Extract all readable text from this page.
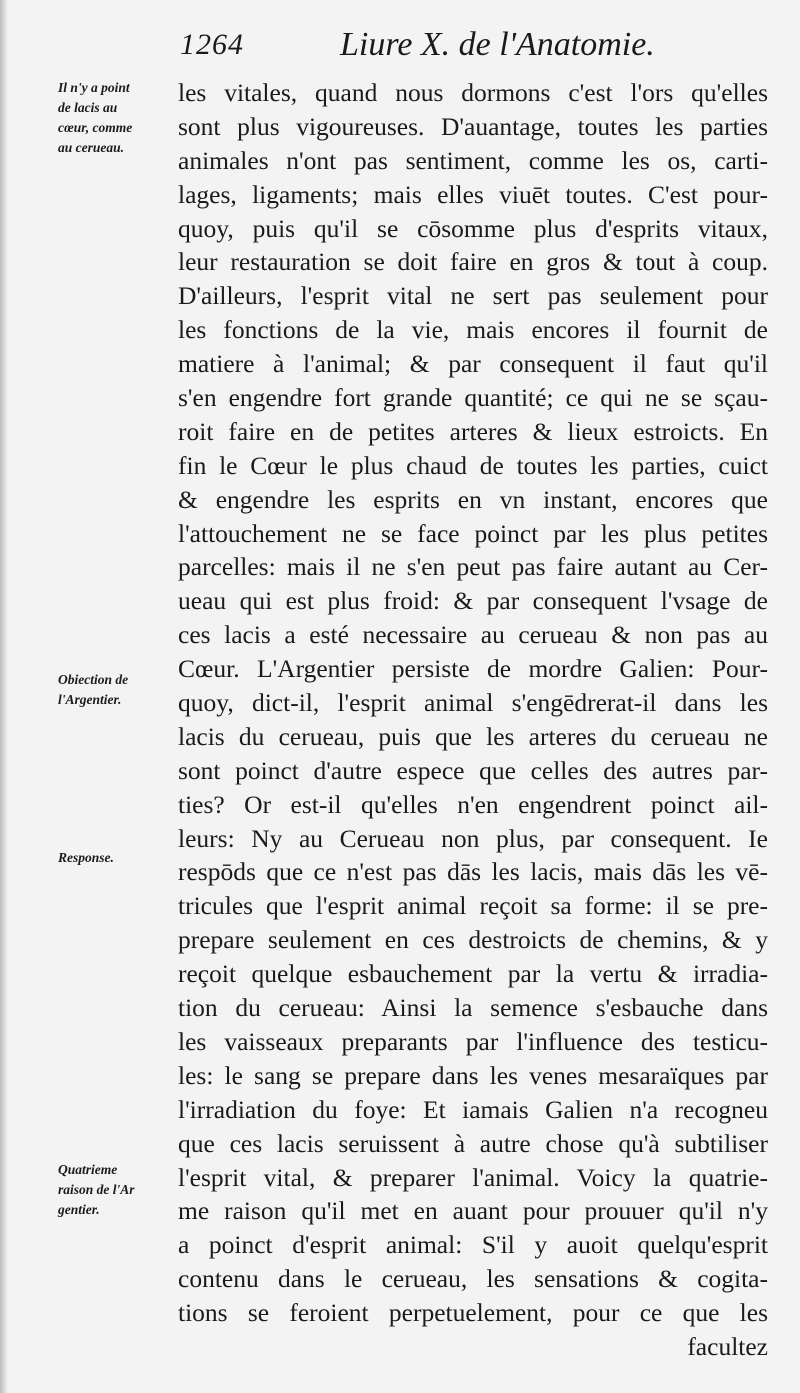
1264	Liure X. de l'Anatomie.
Il n'y a point
de lacis au
cœur, comme
au cerueau.
Obiection de
l'Argentier.
Response.
Quatrieme
raison de l'Ar
gentier.
les vitales, quand nous dormons c'est l'ors qu'elles
sont plus vigoureuses. D'auantage, toutes les parties
animales n'ont pas sentiment, comme les os, carti-
lages, ligaments; mais elles viuēt toutes. C'est pour-
quoy, puis qu'il se cōsomme plus d'esprits vitaux,
leur restauration se doit faire en gros & tout à coup.
D'ailleurs, l'esprit vital ne sert pas seulement pour
les fonctions de la vie, mais encores il fournit de
matiere à l'animal; & par consequent il faut qu'il
s'en engendre fort grande quantité; ce qui ne se sçau-
roit faire en de petites arteres & lieux estroicts. En
fin le Cœur le plus chaud de toutes les parties, cuict
& engendre les esprits en vn instant, encores que
l'attouchement ne se face poinct par les plus petites
parcelles: mais il ne s'en peut pas faire autant au Cer-
ueau qui est plus froid: & par consequent l'vsage de
ces lacis a esté necessaire au cerueau & non pas au
Cœur. L'Argentier persiste de mordre Galien: Pour-
quoy, dict-il, l'esprit animal s'engēdrerat-il dans les
lacis du cerueau, puis que les arteres du cerueau ne
sont poinct d'autre espece que celles des autres par-
ties? Or est-il qu'elles n'en engendrent poinct ail-
leurs: Ny au Cerueau non plus, par consequent. Ie
respōds que ce n'est pas dās les lacis, mais dās les vē-
tricules que l'esprit animal reçoit sa forme: il se pre-
prepare seulement en ces destroicts de chemins, & y
reçoit quelque esbauchement par la vertu & irradia-
tion du cerueau: Ainsi la semence s'esbauche dans
les vaisseaux preparants par l'influence des testicu-
les: le sang se prepare dans les venes mesaraïques par
l'irradiation du foye: Et iamais Galien n'a recogneu
que ces lacis seruissent à autre chose qu'à subtiliser
l'esprit vital, & preparer l'animal. Voicy la quatrie-
me raison qu'il met en auant pour prouuer qu'il n'y
a poinct d'esprit animal: S'il y auoit quelqu'esprit
contenu dans le cerueau, les sensations & cogita-
tions se feroient perpetuelement, pour ce que les
facultez
